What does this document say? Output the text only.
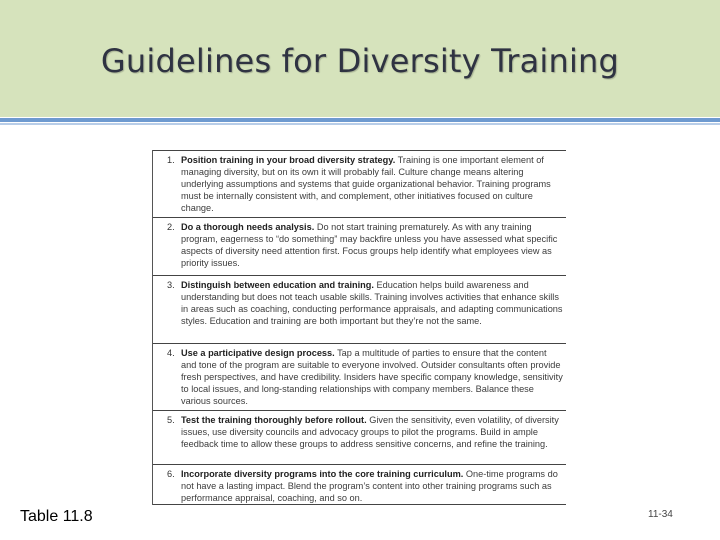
Guidelines for Diversity Training
1. Position training in your broad diversity strategy. Training is one important element of managing diversity, but on its own it will probably fail. Culture change means altering underlying assumptions and systems that guide organizational behavior. Training programs must be internally consistent with, and complement, other initiatives focused on culture change.
2. Do a thorough needs analysis. Do not start training prematurely. As with any training program, eagerness to “do something” may backfire unless you have assessed what specific aspects of diversity need attention first. Focus groups help identify what employees view as priority issues.
3. Distinguish between education and training. Education helps build awareness and understanding but does not teach usable skills. Training involves activities that enhance skills in areas such as coaching, conducting performance appraisals, and adapting communications styles. Education and training are both important but they’re not the same.
4. Use a participative design process. Tap a multitude of parties to ensure that the content and tone of the program are suitable to everyone involved. Outsider consultants often provide fresh perspectives, and have credibility. Insiders have specific company knowledge, sensitivity to local issues, and long-standing relationships with company members. Balance these various sources.
5. Test the training thoroughly before rollout. Given the sensitivity, even volatility, of diversity issues, use diversity councils and advocacy groups to pilot the programs. Build in ample feedback time to allow these groups to address sensitive concerns, and refine the training.
6. Incorporate diversity programs into the core training curriculum. One-time programs do not have a lasting impact. Blend the program’s content into other training programs such as performance appraisal, coaching, and so on.
Table 11.8	11-34
